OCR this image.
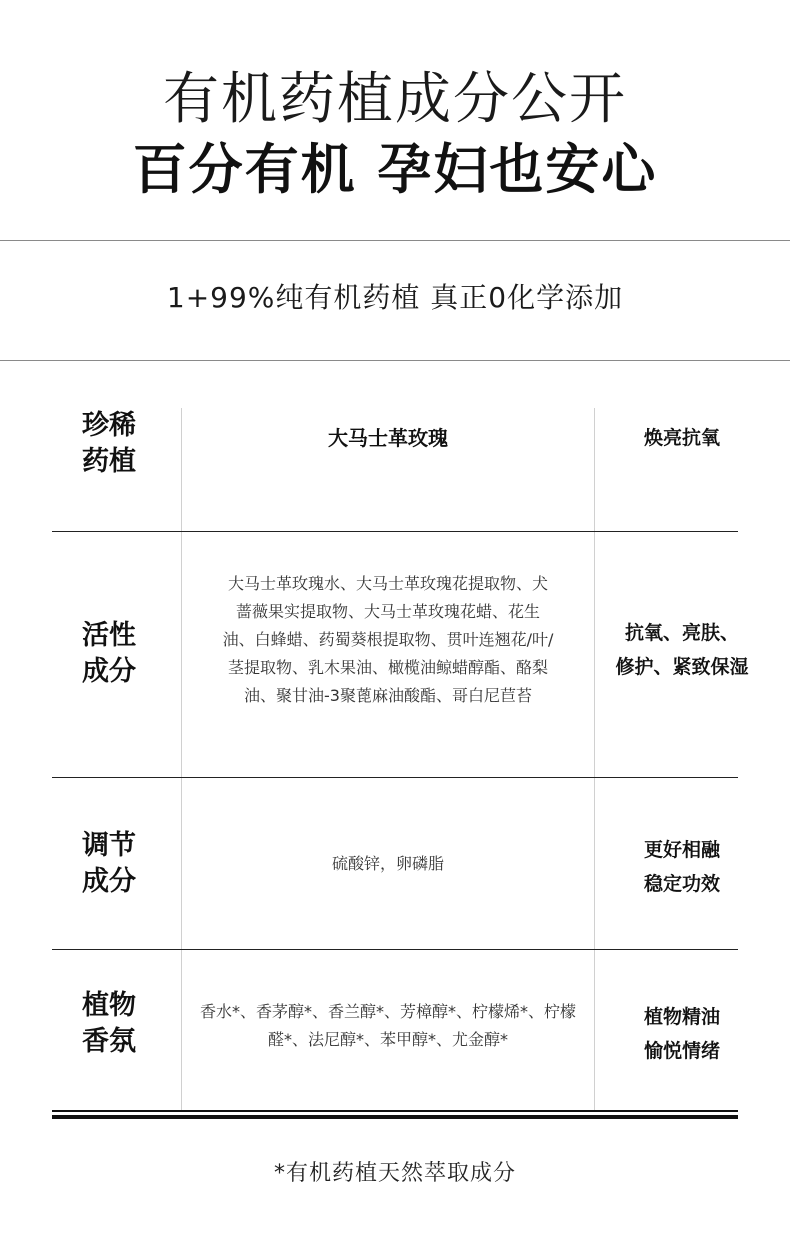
有机药植成分公开
百分有机 孕妇也安心
1+99%纯有机药植 真正0化学添加
珍稀
药植
大马士革玫瑰	焕亮抗氧
活性
成分
大马士革玫瑰水、大马士革玫瑰花提取物、犬蔷薇果实提取物、大马士革玫瑰花蜡、花生油、白蜂蜡、药蜀葵根提取物、贯叶连翘花/叶/茎提取物、乳木果油、橄榄油鲸蜡醇酯、酪梨油、聚甘油-3聚蓖麻油酸酯、哥白尼苣苔
抗氧、亮肤、
修护、紧致保湿
调节
成分
硫酸锌，卵磷脂
更好相融
稳定功效
植物
香氛
香水*、香茅醇*、香兰醇*、芳樟醇*、柠檬烯*、柠檬醛*、法尼醇*、苯甲醇*、尤金醇*
植物精油
愉悦情绪
*有机药植天然萃取成分
